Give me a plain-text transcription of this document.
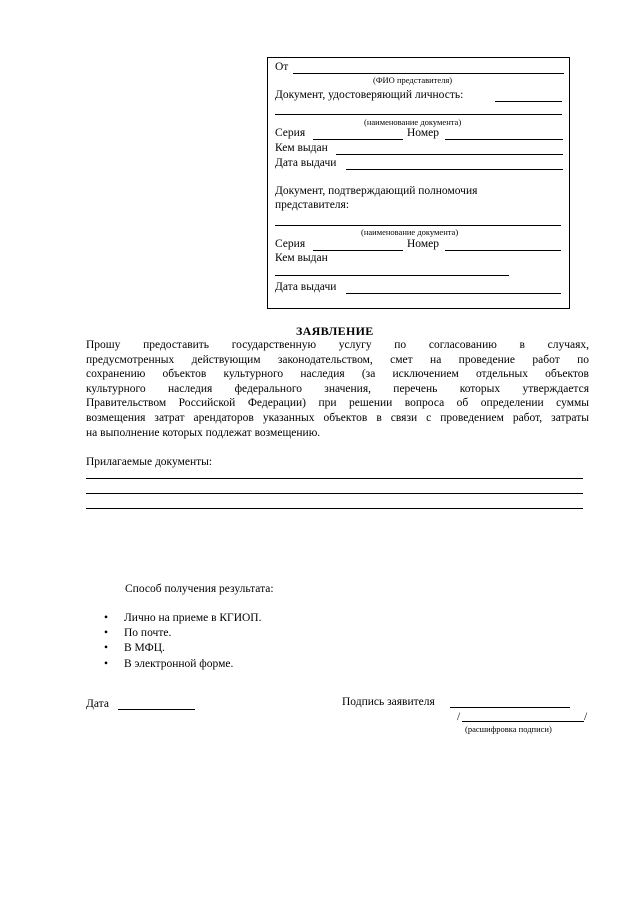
От
(ФИО представителя)
Документ, удостоверяющий личность:
(наименование документа)
Серия	Номер
Кем выдан
Дата выдачи
Документ, подтверждающий полномочия
представителя:
(наименование документа)
Серия	Номер
Кем выдан
Дата выдачи
ЗАЯВЛЕНИЕ
Прошу предоставить государственную услугу по согласованию в случаях,
предусмотренных действующим законодательством, смет на проведение работ по
сохранению объектов культурного наследия (за исключением отдельных объектов
культурного наследия федерального значения, перечень которых утверждается
Правительством Российской Федерации) при решении вопроса об определении суммы
возмещения затрат арендаторов указанных объектов в связи с проведением работ, затраты
на выполнение которых подлежат возмещению.
Прилагаемые документы:
Способ получения результата:
•	Лично на приеме в КГИОП.
•	По почте.
•	В МФЦ.
•	В электронной форме.
Дата	Подпись заявителя
/	/
(расшифровка подписи)
